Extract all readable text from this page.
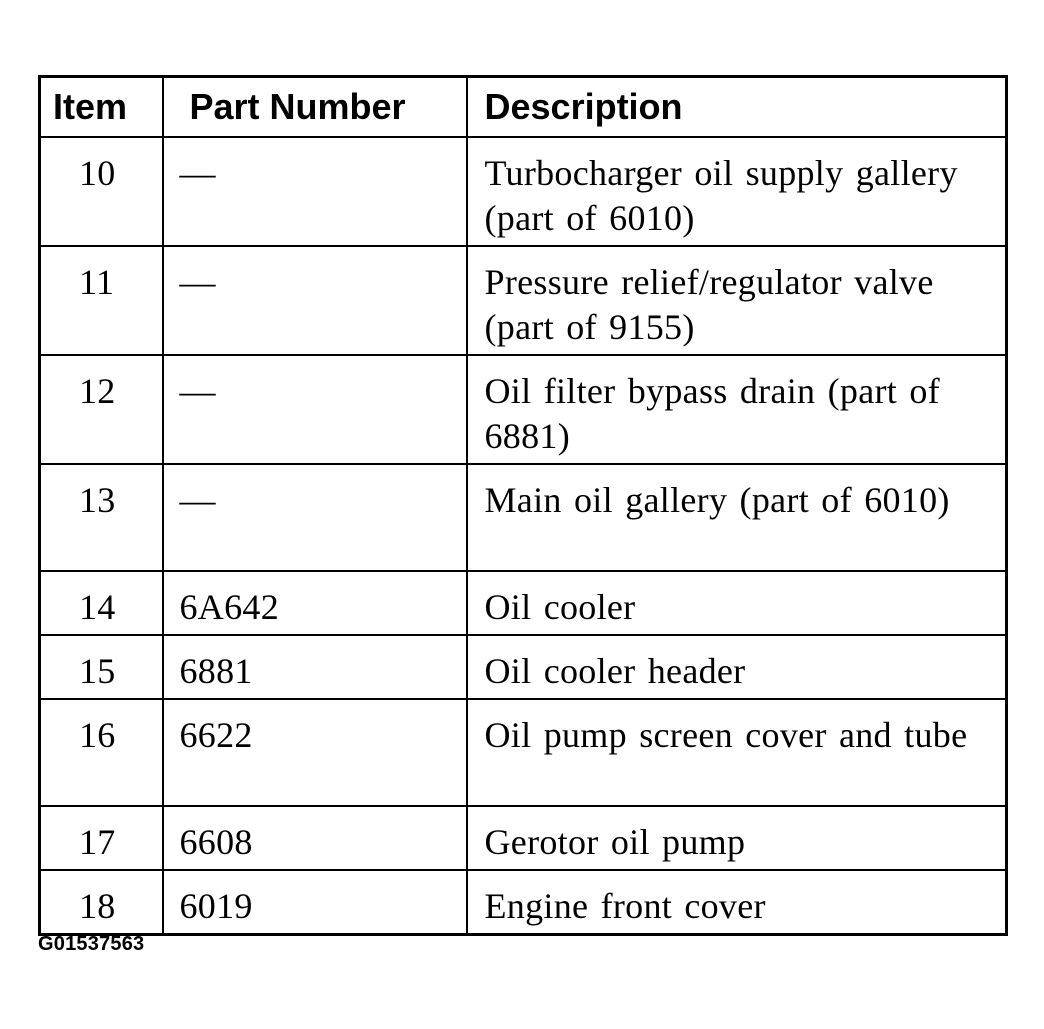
Item	Part Number	Description
10	—	Turbocharger oil supply gallery (part of 6010)
11	—	Pressure relief/regulator valve (part of 9155)
12	—	Oil filter bypass drain (part of 6881)
13	—	Main oil gallery (part of 6010)
14	6A642	Oil cooler
15	6881	Oil cooler header
16	6622	Oil pump screen cover and tube
17	6608	Gerotor oil pump
18	6019	Engine front cover
G01537563
